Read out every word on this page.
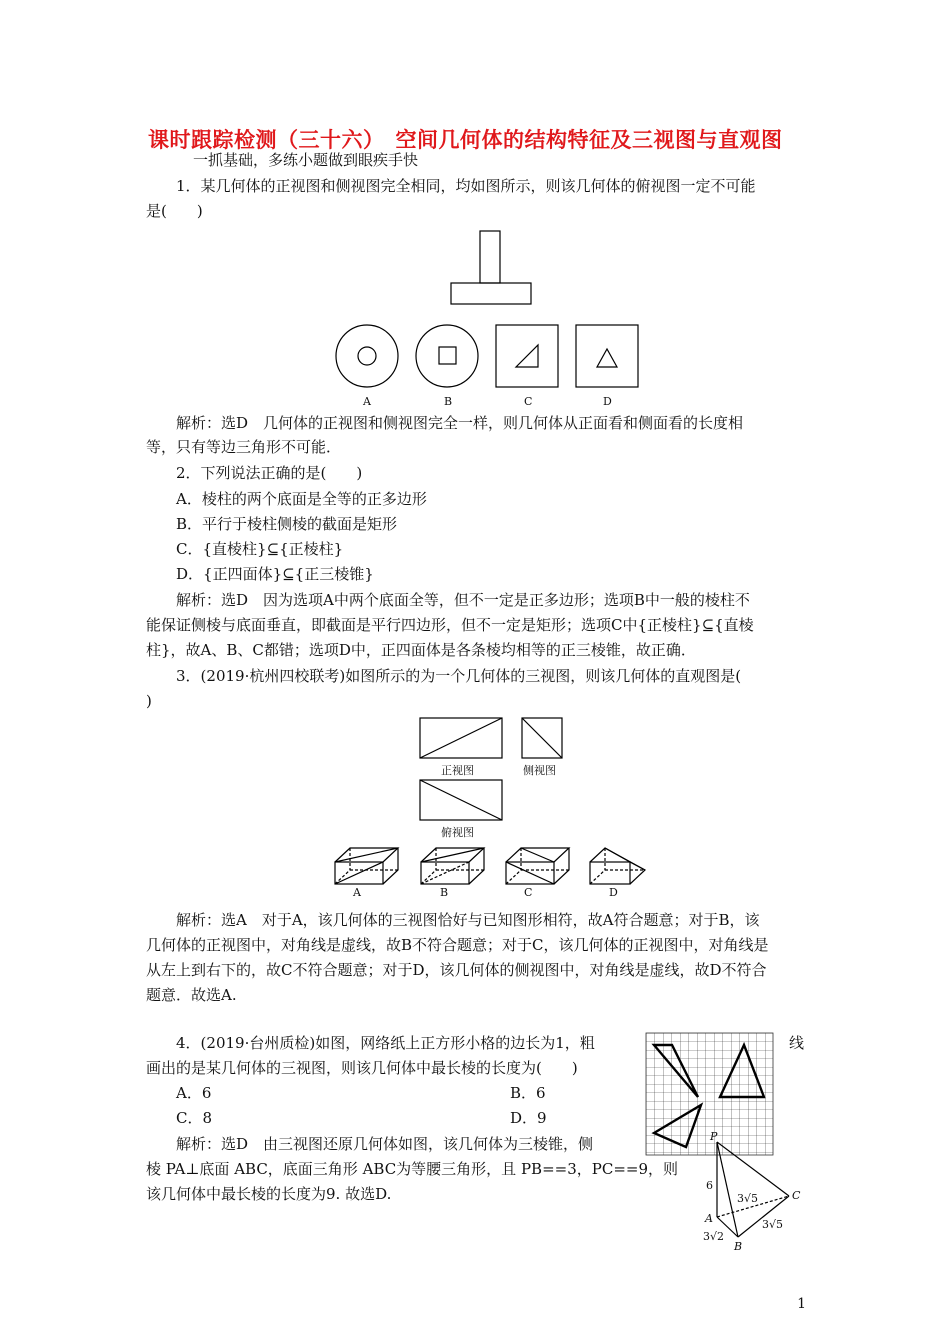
课时跟踪检测（三十六）　空间几何体的结构特征及三视图与直观图
一抓基础，多练小题做到眼疾手快
1．某几何体的正视图和侧视图完全相同，均如图所示，则该几何体的俯视图一定不可能
是(　　)
A	B	C	D
解析：选D　几何体的正视图和侧视图完全一样，则几何体从正面看和侧面看的长度相
等，只有等边三角形不可能．
2．下列说法正确的是(　　)
A．棱柱的两个底面是全等的正多边形
B．平行于棱柱侧棱的截面是矩形
C．{直棱柱}⊆{正棱柱}
D．{正四面体}⊆{正三棱锥}
解析：选D　因为选项A中两个底面全等，但不一定是正多边形；选项B中一般的棱柱不
能保证侧棱与底面垂直，即截面是平行四边形，但不一定是矩形；选项C中{正棱柱}⊆{直棱
柱}，故A、B、C都错；选项D中，正四面体是各条棱均相等的正三棱锥，故正确．
3．(2019·杭州四校联考)如图所示的为一个几何体的三视图，则该几何体的直观图是(
)
正视图	侧视图
俯视图
A	B	C	D
解析：选A　对于A，该几何体的三视图恰好与已知图形相符，故A符合题意；对于B，该
几何体的正视图中，对角线是虚线，故B不符合题意；对于C，该几何体的正视图中，对角线是
从左上到右下的，故C不符合题意；对于D，该几何体的侧视图中，对角线是虚线，故D不符合
题意．故选A.
4．(2019·台州质检)如图，网络纸上正方形小格的边长为1，粗	线
画出的是某几何体的三视图，则该几何体中最长棱的长度为(　　)
A．6	B．6
C．8	D．9
解析：选D　由三视图还原几何体如图，该几何体为三棱锥，侧
棱 PA⊥底面 ABC，底面三角形 ABC为等腰三角形，且 PB==3，PC==9，则
该几何体中最长棱的长度为9. 故选D.
P
A
B
C
6
3√5
3√5
3√2
1
